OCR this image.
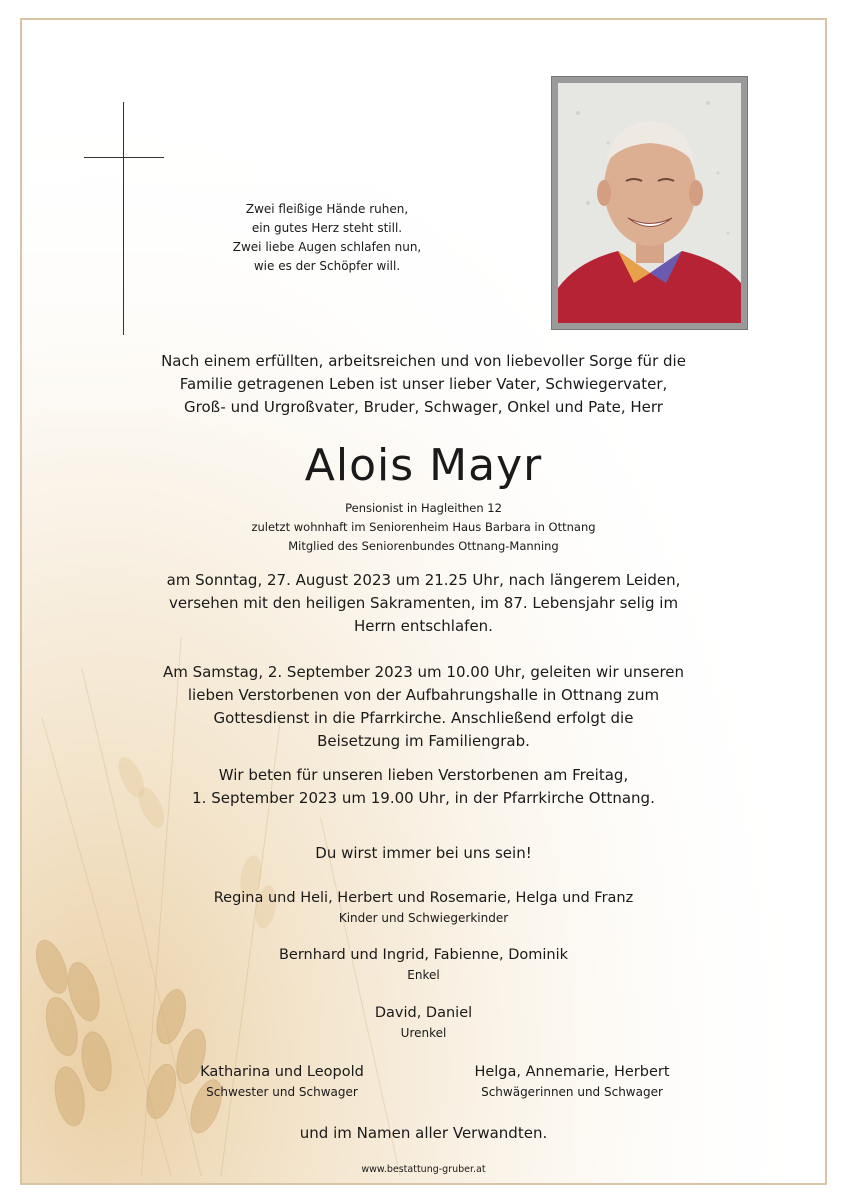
Zwei fleißige Hände ruhen,
ein gutes Herz steht still.
Zwei liebe Augen schlafen nun,
wie es der Schöpfer will.
Nach einem erfüllten, arbeitsreichen und von liebevoller Sorge für die
Familie getragenen Leben ist unser lieber Vater, Schwiegervater,
Groß- und Urgroßvater, Bruder, Schwager, Onkel und Pate, Herr
Alois Mayr
Pensionist in Hagleithen 12
zuletzt wohnhaft im Seniorenheim Haus Barbara in Ottnang
Mitglied des Seniorenbundes Ottnang-Manning
am Sonntag, 27. August 2023 um 21.25 Uhr, nach längerem Leiden,
versehen mit den heiligen Sakramenten, im 87. Lebensjahr selig im
Herrn entschlafen.
Am Samstag, 2. September 2023 um 10.00 Uhr, geleiten wir unseren
lieben Verstorbenen von der Aufbahrungshalle in Ottnang zum
Gottesdienst in die Pfarrkirche. Anschließend erfolgt die
Beisetzung im Familiengrab.
Wir beten für unseren lieben Verstorbenen am Freitag,
1. September 2023 um 19.00 Uhr, in der Pfarrkirche Ottnang.
Du wirst immer bei uns sein!
Regina und Heli, Herbert und Rosemarie, Helga und Franz
Kinder und Schwiegerkinder
Bernhard und Ingrid, Fabienne, Dominik
Enkel
David, Daniel
Urenkel
Katharina und Leopold
Schwester und Schwager
Helga, Annemarie, Herbert
Schwägerinnen und Schwager
und im Namen aller Verwandten.
www.bestattung-gruber.at
